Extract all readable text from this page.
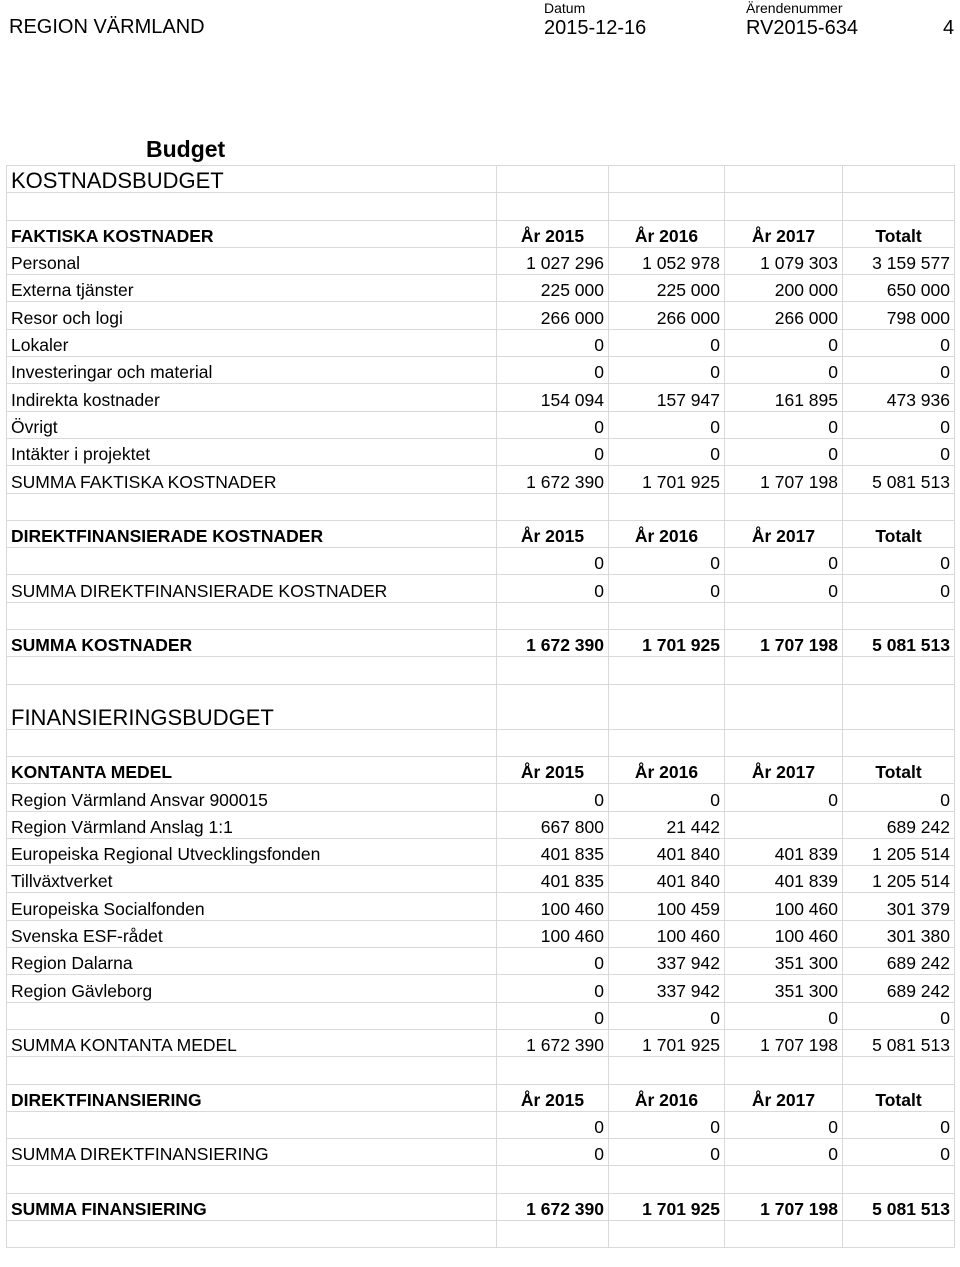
REGION VÄRMLAND
Datum
2015-12-16
Ärendenummer
RV2015-634	4
Budget
KOSTNADSBUDGET				

FAKTISKA KOSTNADER	År 2015	År 2016	År 2017	Totalt
Personal	1 027 296	1 052 978	1 079 303	3 159 577
Externa tjänster	225 000	225 000	200 000	650 000
Resor och logi	266 000	266 000	266 000	798 000
Lokaler	0	0	0	0
Investeringar och material	0	0	0	0
Indirekta kostnader	154 094	157 947	161 895	473 936
Övrigt	0	0	0	0
Intäkter i projektet	0	0	0	0
SUMMA FAKTISKA KOSTNADER	1 672 390	1 701 925	1 707 198	5 081 513

DIREKTFINANSIERADE KOSTNADER	År 2015	År 2016	År 2017	Totalt
	0	0	0	0
SUMMA DIREKTFINANSIERADE KOSTNADER	0	0	0	0

SUMMA KOSTNADER	1 672 390	1 701 925	1 707 198	5 081 513

FINANSIERINGSBUDGET				

KONTANTA MEDEL	År 2015	År 2016	År 2017	Totalt
Region Värmland Ansvar 900015	0	0	0	0
Region Värmland Anslag 1:1	667 800	21 442		689 242
Europeiska Regional Utvecklingsfonden	401 835	401 840	401 839	1 205 514
Tillväxtverket	401 835	401 840	401 839	1 205 514
Europeiska Socialfonden	100 460	100 459	100 460	301 379
Svenska ESF-rådet	100 460	100 460	100 460	301 380
Region Dalarna	0	337 942	351 300	689 242
Region Gävleborg	0	337 942	351 300	689 242
	0	0	0	0
SUMMA KONTANTA MEDEL	1 672 390	1 701 925	1 707 198	5 081 513

DIREKTFINANSIERING	År 2015	År 2016	År 2017	Totalt
	0	0	0	0
SUMMA DIREKTFINANSIERING	0	0	0	0

SUMMA FINANSIERING	1 672 390	1 701 925	1 707 198	5 081 513
